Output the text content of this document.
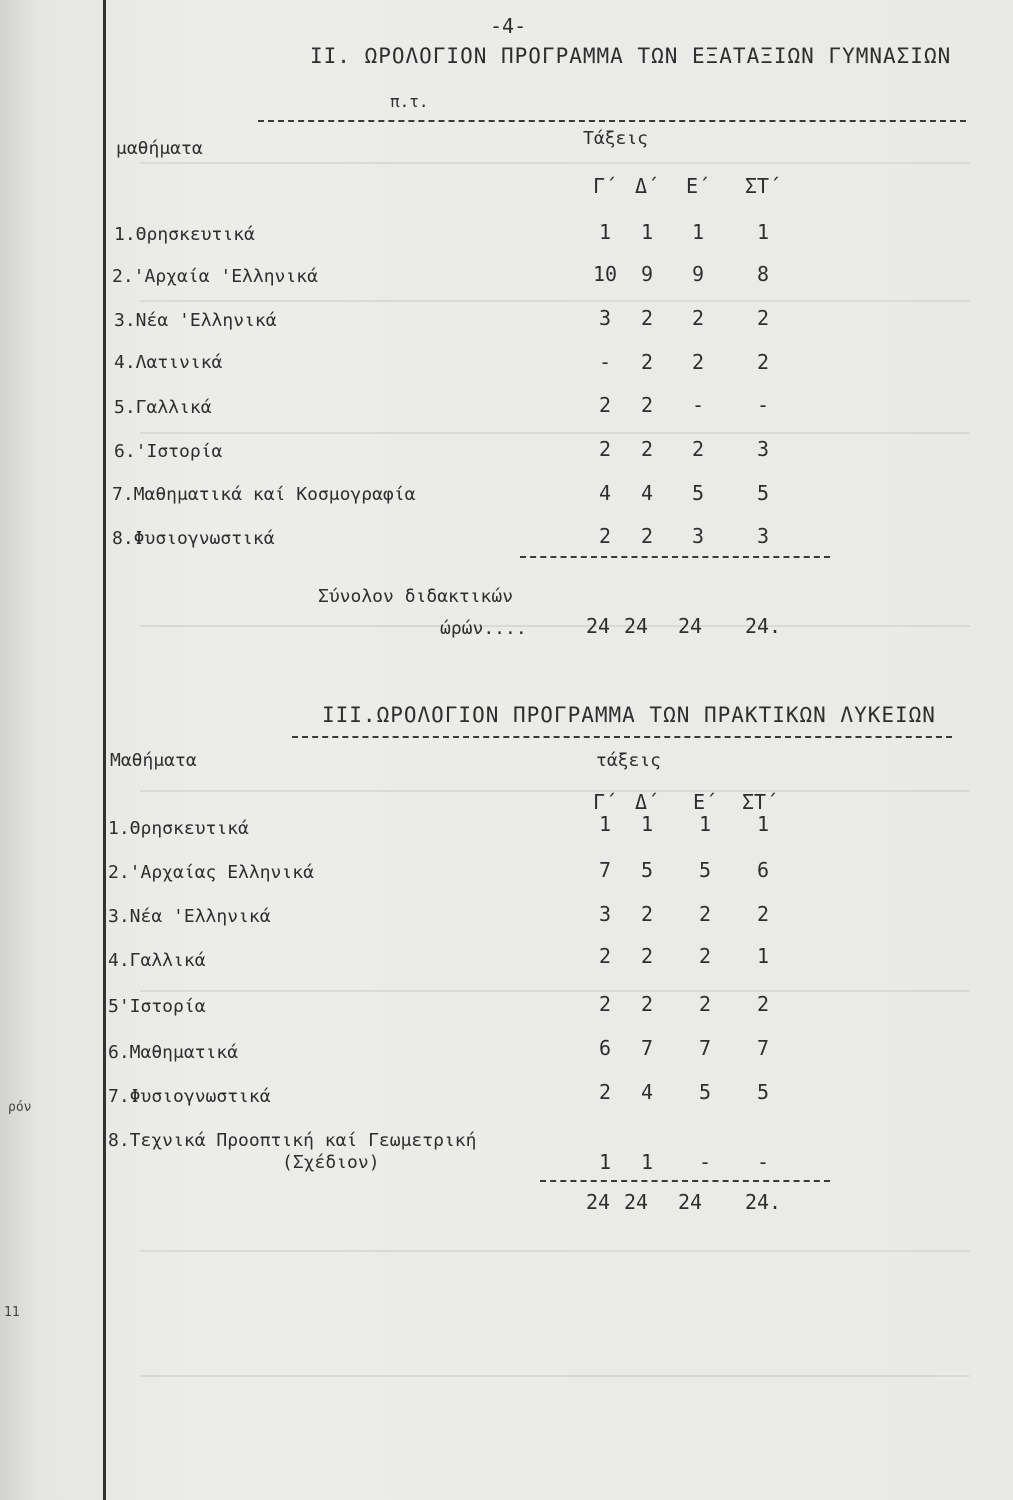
ρόν
11
-4-
II. ΩΡΟΛΟΓΙΟΝ ΠΡΟΓΡΑΜΜΑ ΤΩΝ ΕΞΑΤΑΞΙΩΝ ΓΥΜΝΑΣΙΩΝ
π.τ.
μαθήματα	Τάξεις
Γ΄ Δ΄ Ε΄ ΣΤ΄
1.Θρησκευτικά	1	1	1	1
2.'Αρχαία 'Ελληνικά	10	9	9	8
3.Νέα 'Ελληνικά	3	2	2	2
4.Λατινικά	-	2	2	2
5.Γαλλικά	2	2	-	-
6.'Ιστορία	2	2	2	3
7.Μαθηματικά καί Κοσμογραφία	4	4	5	5
8.Φυσιογνωστικά	2	2	3	3
Σύνολον διδακτικών
ώρών....	24 24 24 24.
III.ΩΡΟΛΟΓΙΟΝ ΠΡΟΓΡΑΜΜΑ ΤΩΝ ΠΡΑΚΤΙΚΩΝ ΛΥΚΕΙΩΝ
Μαθήματα	τάξεις
Γ΄ Δ΄ Ε΄ ΣΤ΄
1.Θρησκευτικά	1	1	1	1
2.'Αρχαίας Ελληνικά	7	5	5	6
3.Νέα 'Ελληνικά	3	2	2	2
4.Γαλλικά	2	2	2	1
5'Ιστορία	2	2	2	2
6.Μαθηματικά	6	7	7	7
7.Φυσιογνωστικά	2	4	5	5
8.Τεχνικά Προοπτική καί Γεωμετρική
(Σχέδιον)	1	1	-	-
24 24 24 24.
